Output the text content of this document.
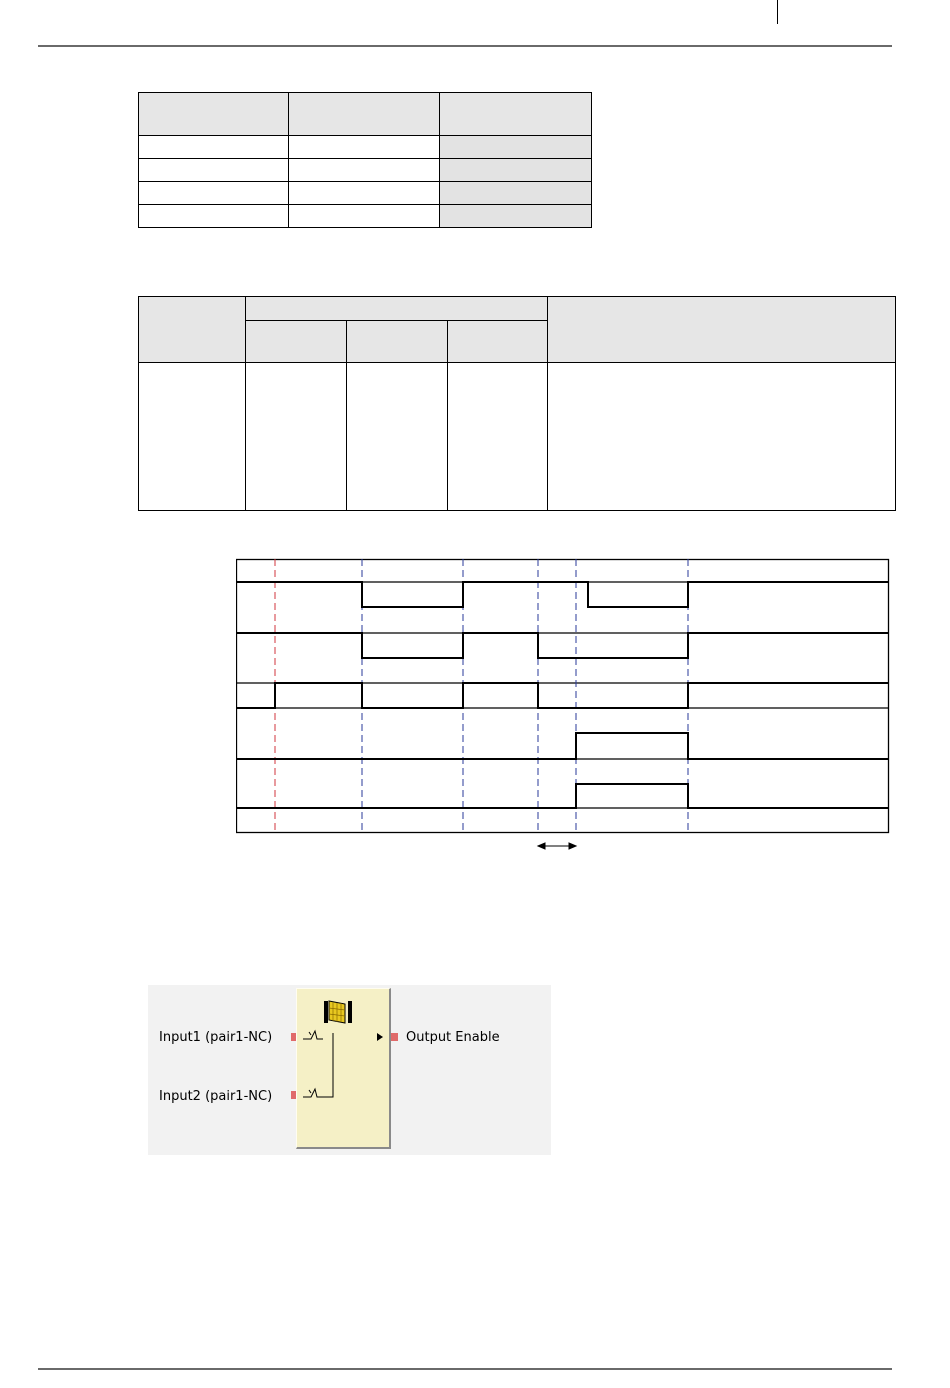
Input1 (pair1-NC)
Input2 (pair1-NC)
Output Enable
